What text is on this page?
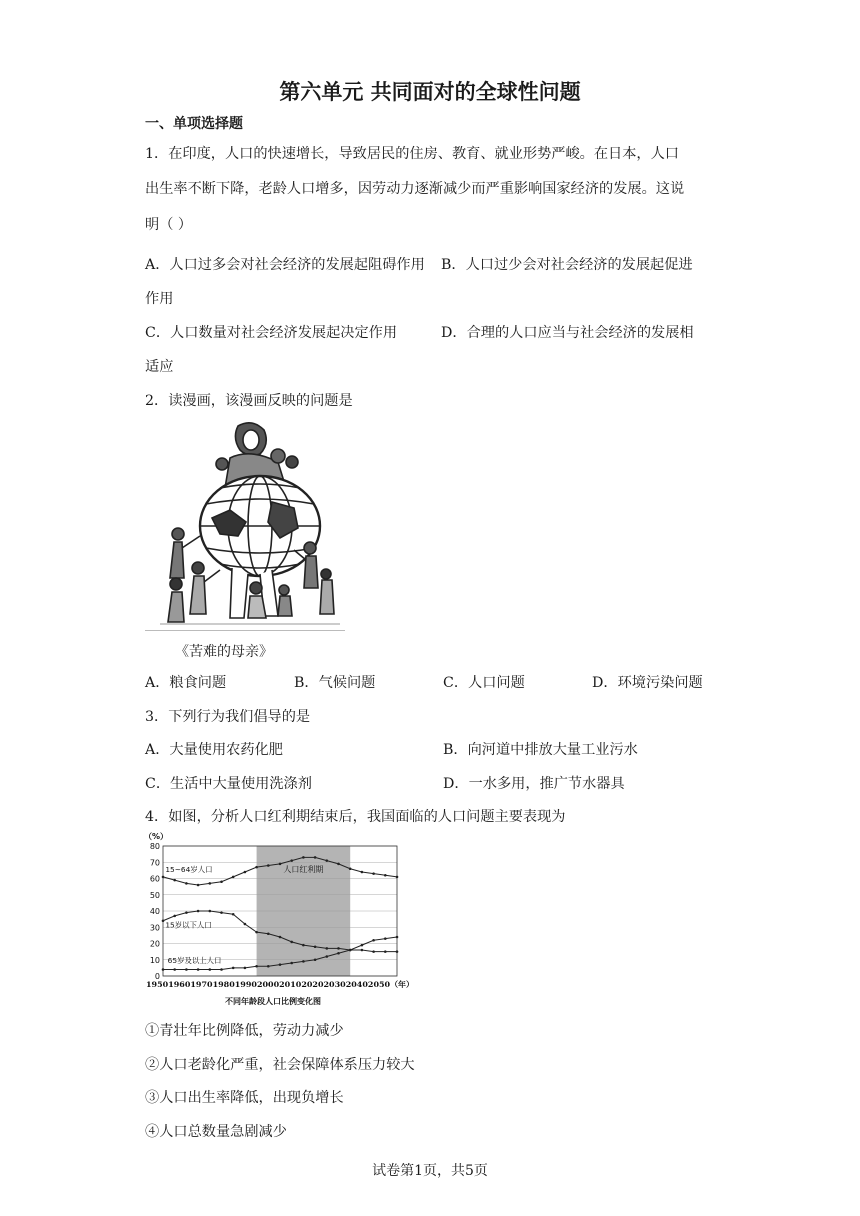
第六单元 共同面对的全球性问题
一、单项选择题
1．在印度，人口的快速增长，导致居民的住房、教育、就业形势严峻。在日本，人口
出生率不断下降，老龄人口增多，因劳动力逐渐减少而严重影响国家经济的发展。这说
明（ ）
A．人口过多会对社会经济的发展起阻碍作用 B．人口过少会对社会经济的发展起促进
作用
C．人口数量对社会经济发展起决定作用	D．合理的人口应当与社会经济的发展相
适应
2．读漫画，该漫画反映的问题是
《苦难的母亲》
A．粮食问题	B．气候问题	C．人口问题	D．环境污染问题
3．下列行为我们倡导的是
A．大量使用农药化肥	B．向河道中排放大量工业污水
C．生活中大量使用洗涤剂	D．一水多用，推广节水器具
4．如图，分析人口红利期结束后，我国面临的人口问题主要表现为
人口红利期
0
10
20
30
40
50
60
70
80
19501960197019801990200020102020203020402050（年）
15~64岁人口
15岁以下人口
65岁及以上人口
（%）
不同年龄段人口比例变化图
①青壮年比例降低，劳动力减少
②人口老龄化严重，社会保障体系压力较大
③人口出生率降低，出现负增长
④人口总数量急剧减少
试卷第1页，共5页
